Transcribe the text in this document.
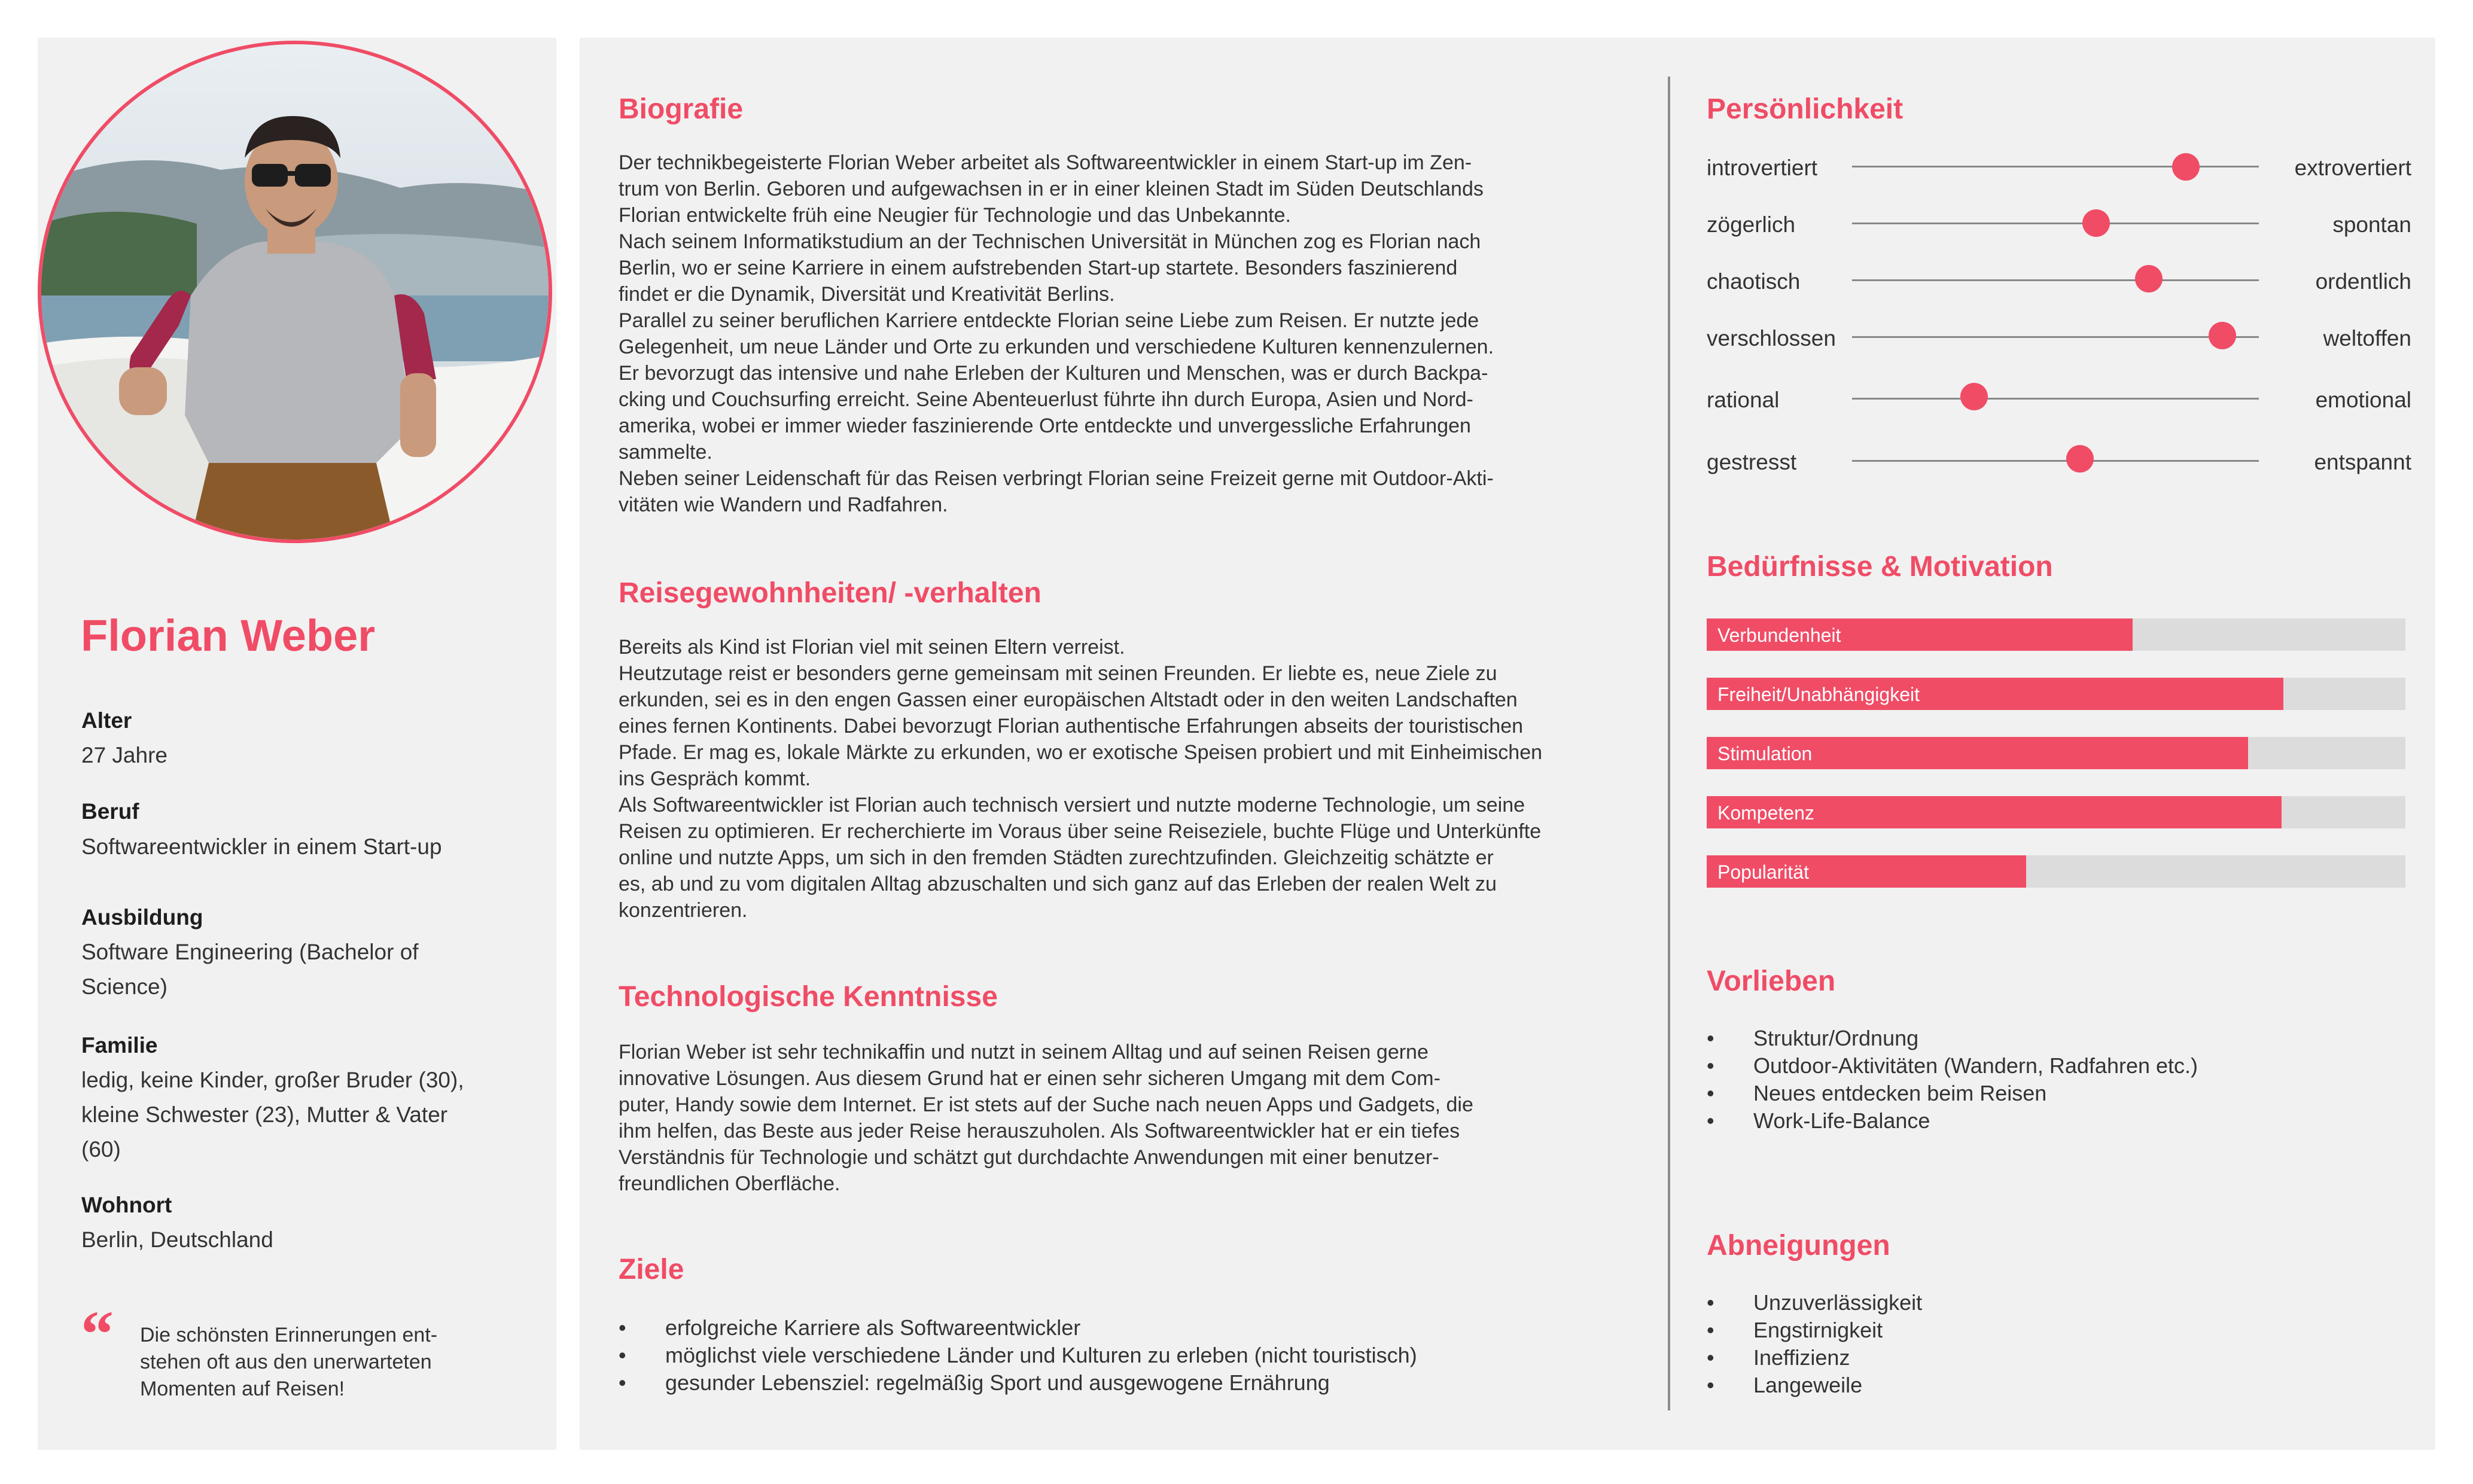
Florian Weber
Alter
27 Jahre
Beruf
Softwareentwickler in einem Start-up
Ausbildung
Software Engineering (Bachelor of
Science)
Familie
ledig, keine Kinder, großer Bruder (30),
kleine Schwester (23), Mutter & Vater
(60)
Wohnort
Berlin, Deutschland
“ Die schönsten Erinnerungen ent-
stehen oft aus den unerwarteten
Momenten auf Reisen!
Biografie
Der technikbegeisterte Florian Weber arbeitet als Softwareentwickler in einem Start-up im Zen-
trum von Berlin. Geboren und aufgewachsen in er in einer kleinen Stadt im Süden Deutschlands
Florian entwickelte früh eine Neugier für Technologie und das Unbekannte.
Nach seinem Informatikstudium an der Technischen Universität in München zog es Florian nach
Berlin, wo er seine Karriere in einem aufstrebenden Start-up startete. Besonders faszinierend
findet er die Dynamik, Diversität und Kreativität Berlins.
Parallel zu seiner beruflichen Karriere entdeckte Florian seine Liebe zum Reisen. Er nutzte jede
Gelegenheit, um neue Länder und Orte zu erkunden und verschiedene Kulturen kennenzulernen.
Er bevorzugt das intensive und nahe Erleben der Kulturen und Menschen, was er durch Backpa-
cking und Couchsurfing erreicht. Seine Abenteuerlust führte ihn durch Europa, Asien und Nord-
amerika, wobei er immer wieder faszinierende Orte entdeckte und unvergessliche Erfahrungen
sammelte.
Neben seiner Leidenschaft für das Reisen verbringt Florian seine Freizeit gerne mit Outdoor-Akti-
vitäten wie Wandern und Radfahren.
Reisegewohnheiten/ -verhalten
Bereits als Kind ist Florian viel mit seinen Eltern verreist.
Heutzutage reist er besonders gerne gemeinsam mit seinen Freunden. Er liebte es, neue Ziele zu
erkunden, sei es in den engen Gassen einer europäischen Altstadt oder in den weiten Landschaften
eines fernen Kontinents. Dabei bevorzugt Florian authentische Erfahrungen abseits der touristischen
Pfade. Er mag es, lokale Märkte zu erkunden, wo er exotische Speisen probiert und mit Einheimischen
ins Gespräch kommt.
Als Softwareentwickler ist Florian auch technisch versiert und nutzte moderne Technologie, um seine
Reisen zu optimieren. Er recherchierte im Voraus über seine Reiseziele, buchte Flüge und Unterkünfte
online und nutzte Apps, um sich in den fremden Städten zurechtzufinden. Gleichzeitig schätzte er
es, ab und zu vom digitalen Alltag abzuschalten und sich ganz auf das Erleben der realen Welt zu
konzentrieren.
Technologische Kenntnisse
Florian Weber ist sehr technikaffin und nutzt in seinem Alltag und auf seinen Reisen gerne
innovative Lösungen. Aus diesem Grund hat er einen sehr sicheren Umgang mit dem Com-
puter, Handy sowie dem Internet. Er ist stets auf der Suche nach neuen Apps und Gadgets, die
ihm helfen, das Beste aus jeder Reise herauszuholen. Als Softwareentwickler hat er ein tiefes
Verständnis für Technologie und schätzt gut durchdachte Anwendungen mit einer benutzer-
freundlichen Oberfläche.
Ziele
• erfolgreiche Karriere als Softwareentwickler
• möglichst viele verschiedene Länder und Kulturen zu erleben (nicht touristisch)
• gesunder Lebensziel: regelmäßig Sport und ausgewogene Ernährung
Persönlichkeit
introvertiert	extrovertiert
zögerlich	spontan
chaotisch	ordentlich
verschlossen	weltoffen
rational	emotional
gestresst	entspannt
Bedürfnisse & Motivation
Verbundenheit
Freiheit/Unabhängigkeit
Stimulation
Kompetenz
Popularität
Vorlieben
• Struktur/Ordnung
• Outdoor-Aktivitäten (Wandern, Radfahren etc.)
• Neues entdecken beim Reisen
• Work-Life-Balance
Abneigungen
• Unzuverlässigkeit
• Engstirnigkeit
• Ineffizienz
• Langeweile
